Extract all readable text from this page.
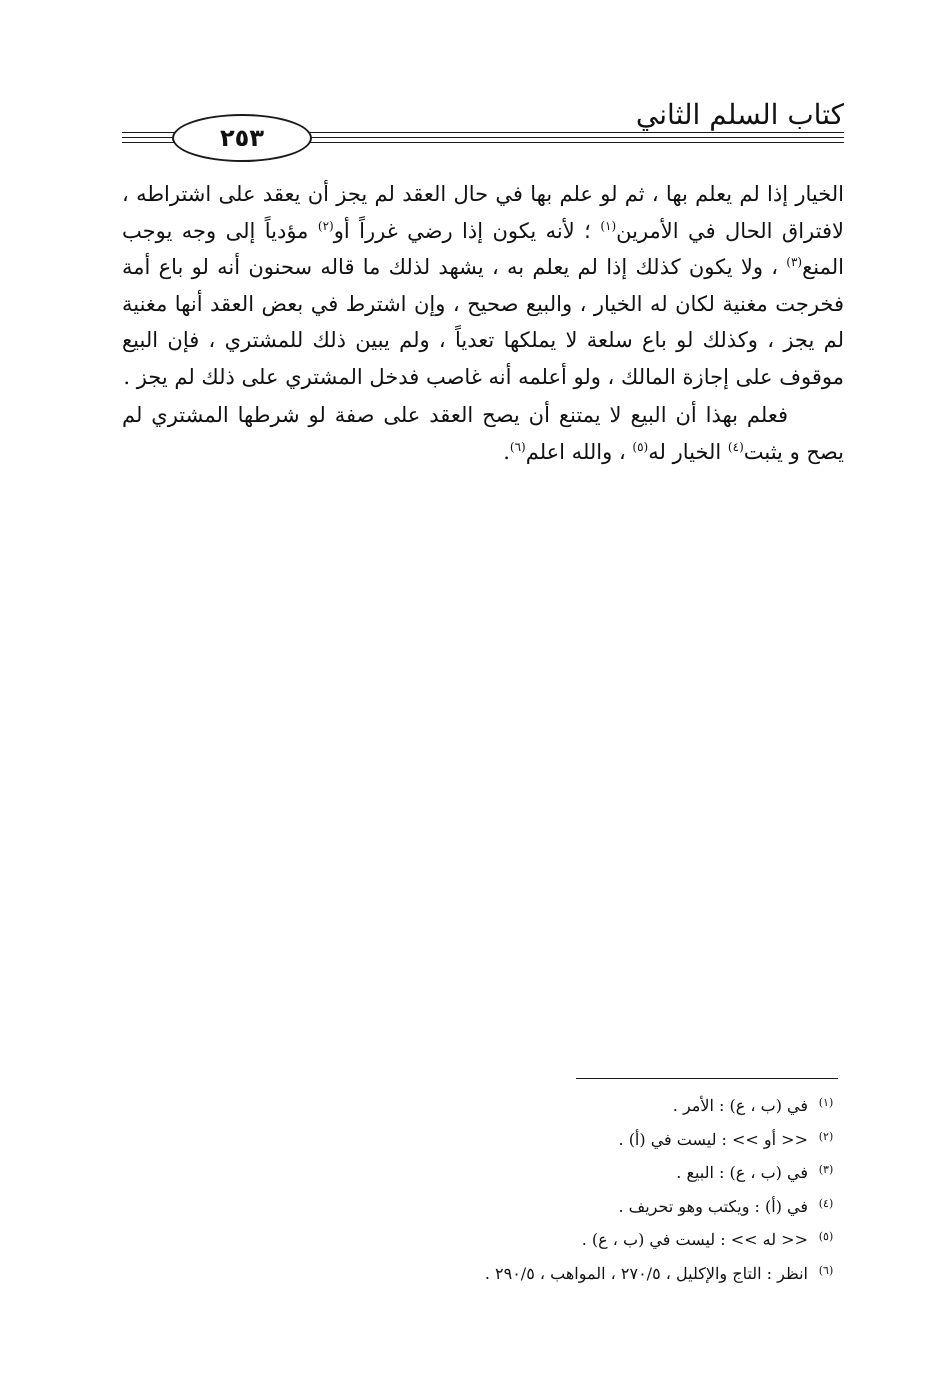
٢٥٣
كتاب السلم الثاني

الخيار إذا لم يعلم بها ، ثم لو علم بها في حال العقد لم يجز أن يعقد على اشتراطه ، لافتراق الحال في الأمرين$^{(١)}$ ؛ لأنه يكون إذا رضي غرراً أو$^{(٢)}$ مؤدياً إلى وجه يوجب المنع$^{(٣)}$ ، ولا يكون كذلك إذا لم يعلم به ، يشهد لذلك ما قاله سحنون أنه لو باع أمة فخرجت مغنية لكان له الخيار ، والبيع صحيح ، وإن اشترط في بعض العقد أنها مغنية لم يجز ، وكذلك لو باع سلعة لا يملكها تعدياً ، ولم يبين ذلك للمشتري ، فإن البيع موقوف على إجازة المالك ، ولو أعلمه أنه غاصب فدخل المشتري على ذلك لم يجز .

فعلم بهذا أن البيع لا يمتنع أن يصح العقد على صفة لو شرطها المشتري لم يصح و يثبت$^{(٤)}$ الخيار له$^{(٥)}$ ، والله اعلم$^{(٦)}$.

(١)
في (ب ، ع) : الأمر .
(٢)
<< أو >> : ليست في (أ) .
(٣)
في (ب ، ع) : البيع .
(٤)
في (أ) : ويكتب وهو تحريف .
(٥)
<< له >> : ليست في (ب ، ع) .
(٦)
انظر : التاج والإكليل ، ٢٧٠/٥ ، المواهب ، ٢٩٠/٥ .
